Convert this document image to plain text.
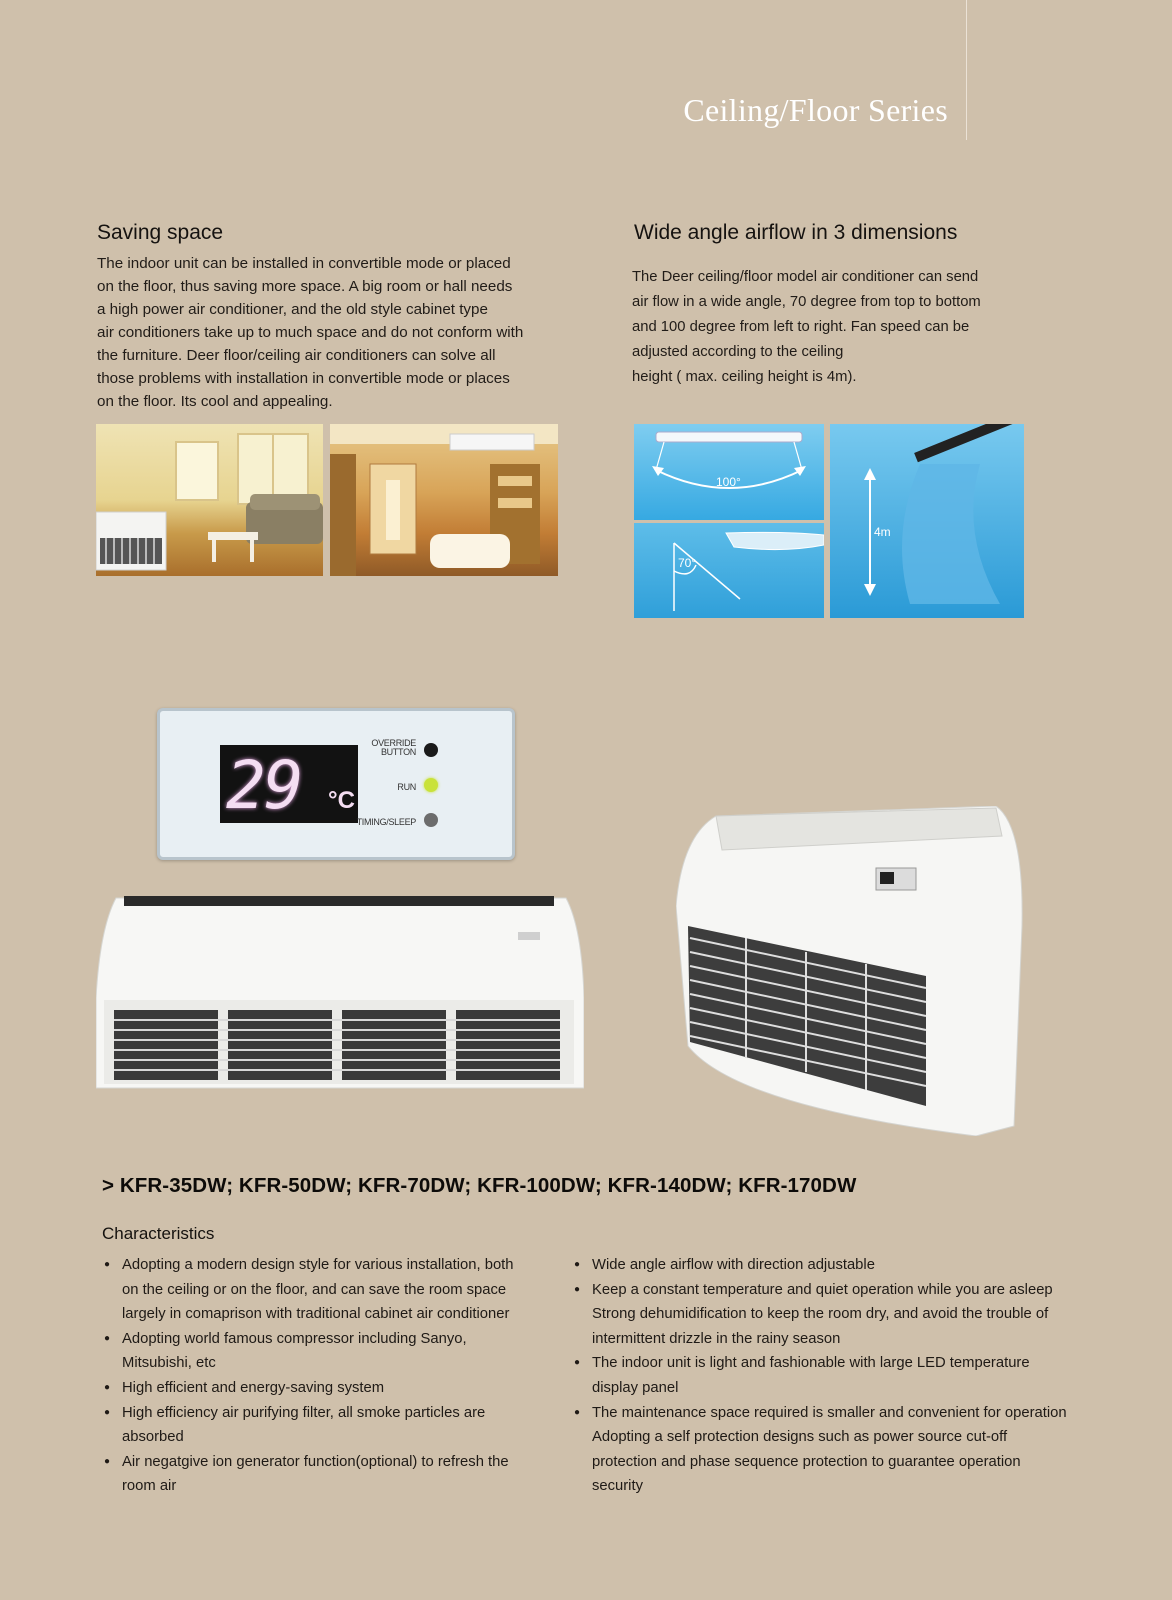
Ceiling/Floor Series
Saving space

The indoor unit can be installed in convertible mode or placed

on the floor, thus saving more space. A big room or hall needs

a high power air conditioner, and the old style cabinet type

air conditioners take up to much space and do not conform with

the furniture. Deer floor/ceiling air conditioners can solve all

those problems with installation in convertible mode or places

on the floor. Its cool and appealing.

Wide angle airflow in 3 dimensions

The Deer ceiling/floor model air conditioner can send

air flow in a wide angle, 70 degree from top to bottom

and 100 degree from left to right. Fan speed can be

adjusted according to the ceiling

height ( max. ceiling height is 4m).

100°
70°
4m
29 °C
OVERRIDE
BUTTON
RUN
TIMING/SLEEP
> KFR-35DW; KFR-50DW; KFR-70DW; KFR-100DW; KFR-140DW; KFR-170DW
Characteristics
● Adopting a modern design style for various installation, both
on the ceiling or on the floor, and can save the room space
largely in comaprison with traditional cabinet air conditioner
● Adopting world famous compressor including Sanyo,
Mitsubishi, etc
● High efficient and energy-saving system
● High efficiency air purifying filter, all smoke particles are
absorbed
● Air negatgive ion generator function(optional) to refresh the
room air
● Wide angle airflow with direction adjustable
● Keep a constant temperature and quiet operation while you are asleep
Strong dehumidification to keep the room dry, and avoid the trouble of
intermittent drizzle in the rainy season
● The indoor unit is light and fashionable with large LED temperature
display panel
● The maintenance space required is smaller and convenient for operation
Adopting a self protection designs such as power source cut-off
protection and phase sequence protection to guarantee operation
security
